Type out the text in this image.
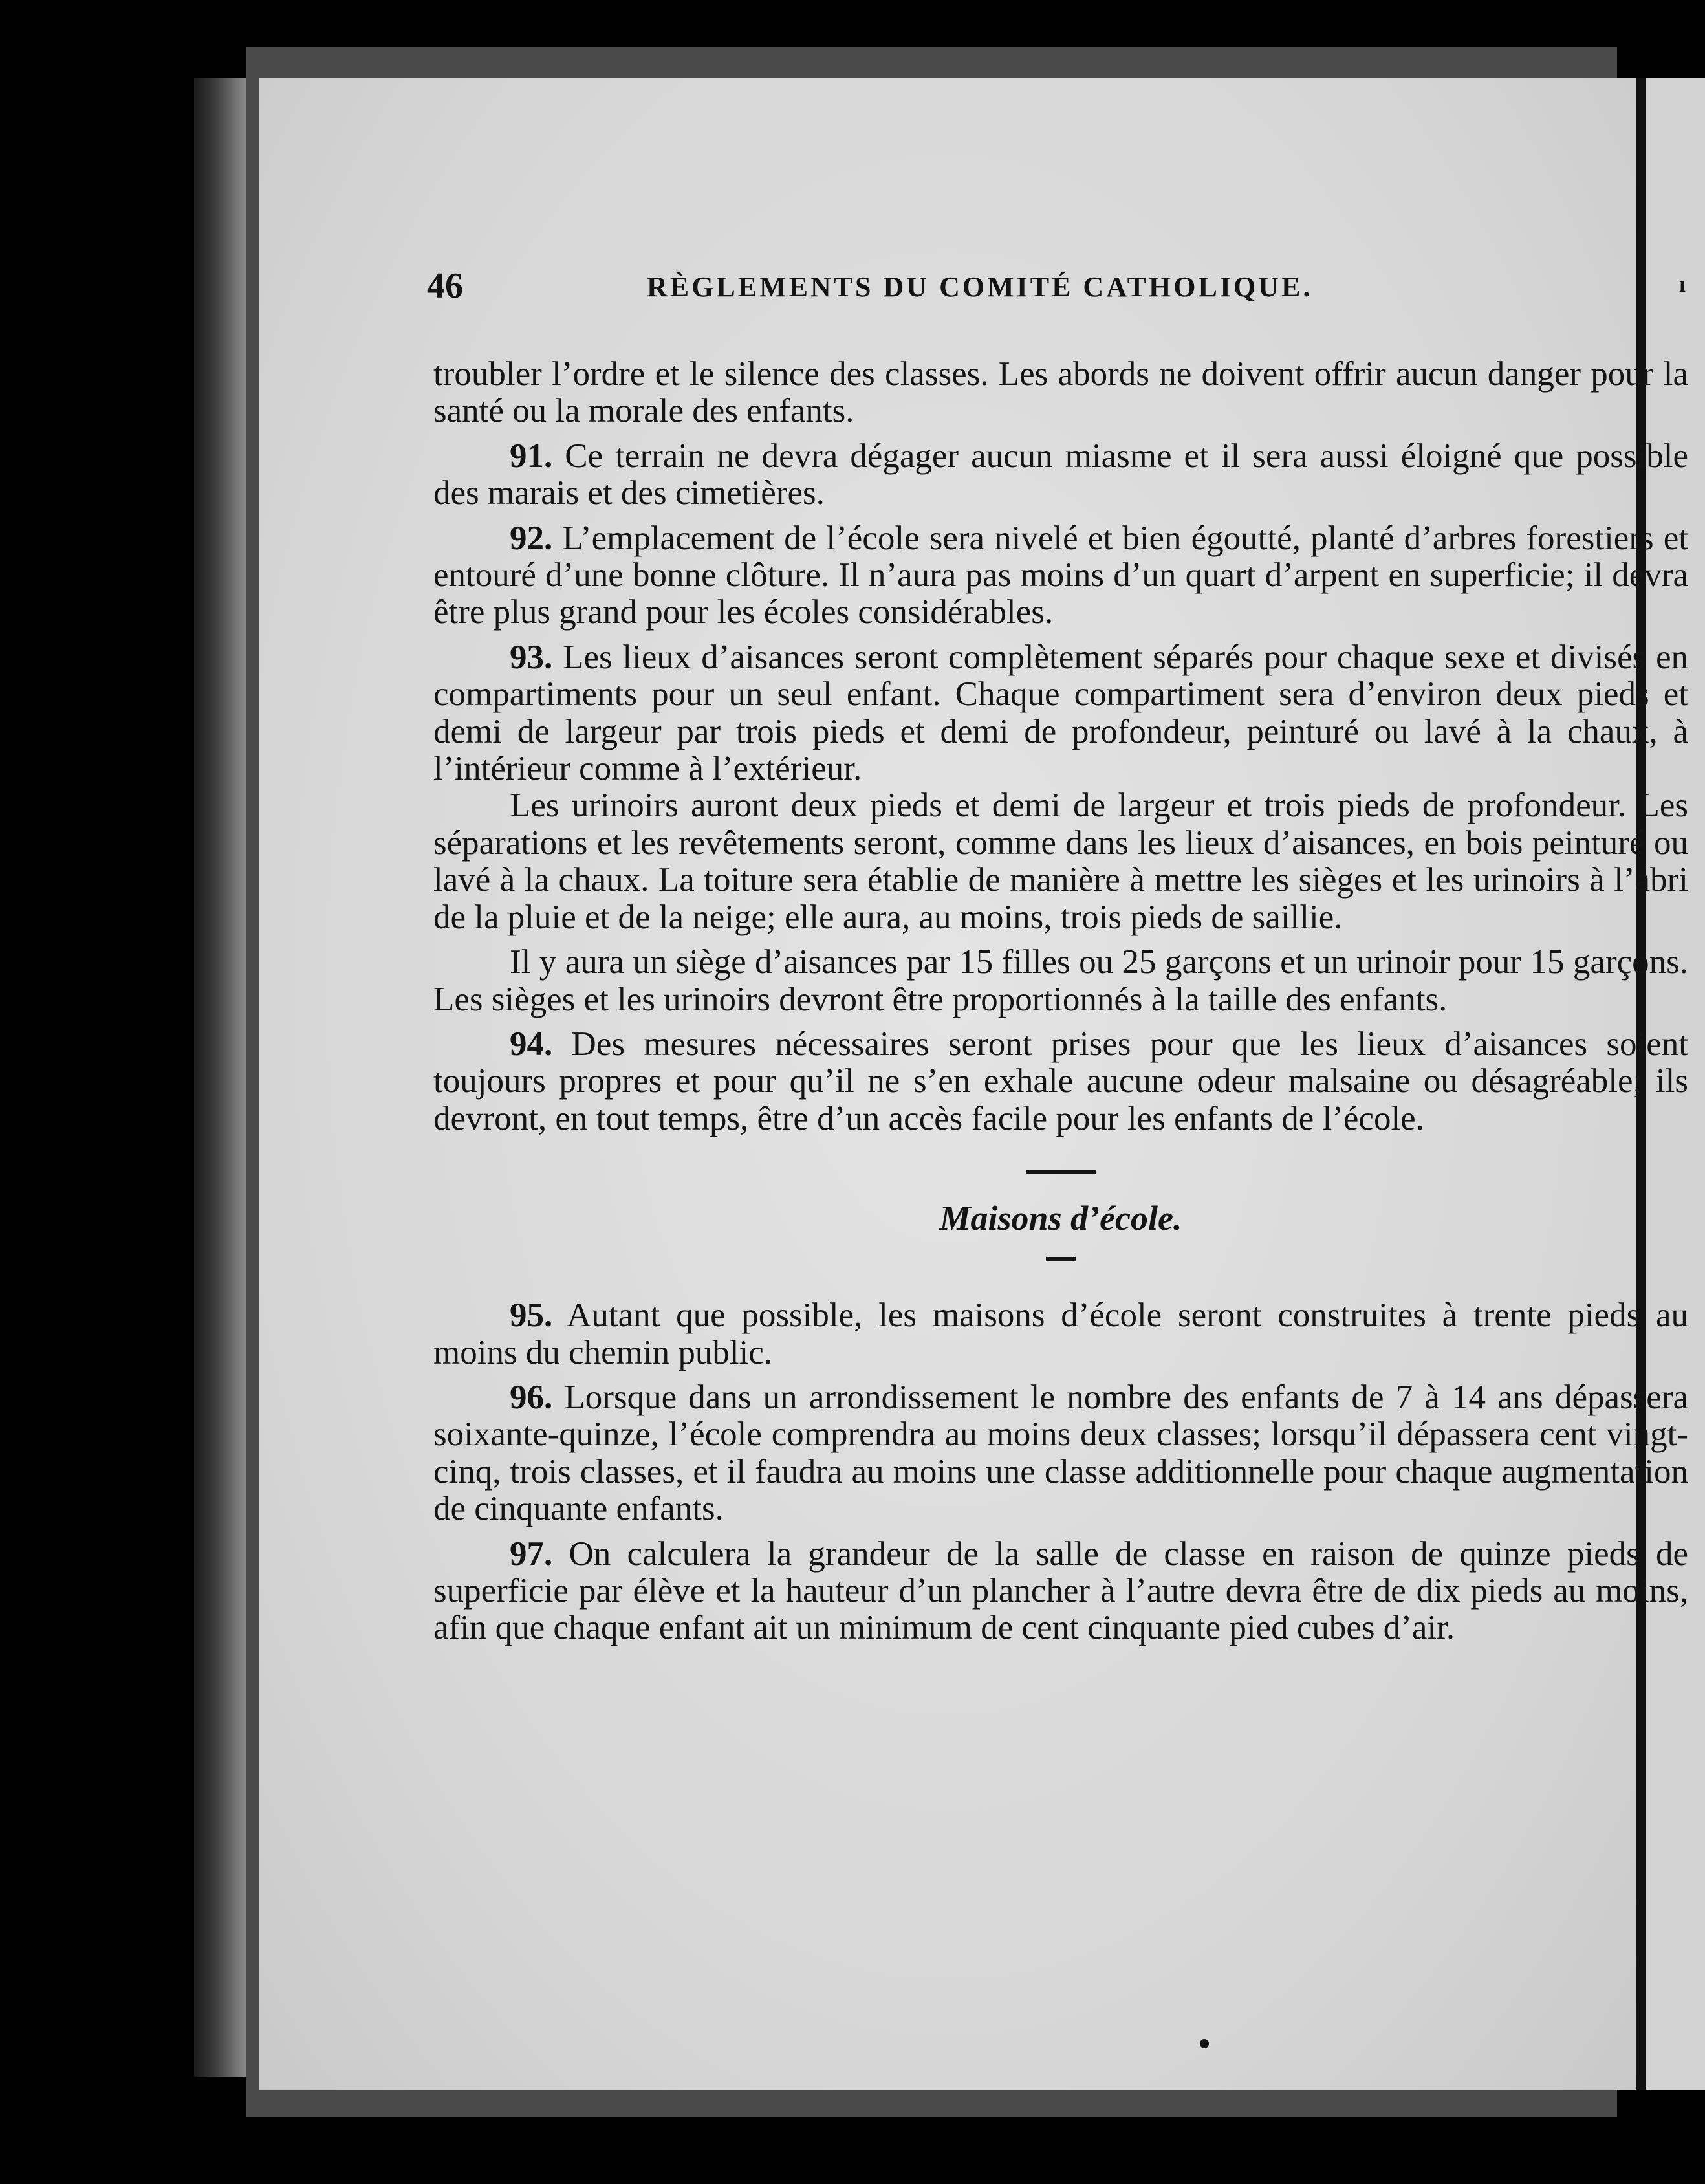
46	RÈGLEMENTS DU COMITÉ CATHOLIQUE.	ı

troubler l’ordre et le silence des classes. Les abords ne doivent offrir aucun danger pour la santé ou la morale des enfants.

91. Ce terrain ne devra dégager aucun miasme et il sera aussi éloigné que possible des marais et des cimetières.

92. L’emplacement de l’école sera nivelé et bien égoutté, planté d’arbres forestiers et entouré d’une bonne clôture. Il n’aura pas moins d’un quart d’arpent en superficie; il devra être plus grand pour les écoles considérables.

93. Les lieux d’aisances seront complètement séparés pour chaque sexe et divisés en compartiments pour un seul enfant. Chaque compartiment sera d’environ deux pieds et demi de largeur par trois pieds et demi de profondeur, peinturé ou lavé à la chaux, à l’intérieur comme à l’extérieur.

Les urinoirs auront deux pieds et demi de largeur et trois pieds de profondeur. Les séparations et les revêtements seront, comme dans les lieux d’aisances, en bois peinturé ou lavé à la chaux. La toiture sera établie de manière à mettre les sièges et les urinoirs à l’abri de la pluie et de la neige; elle aura, au moins, trois pieds de saillie.

Il y aura un siège d’aisances par 15 filles ou 25 garçons et un urinoir pour 15 garçons. Les sièges et les urinoirs devront être proportionnés à la taille des enfants.

94. Des mesures nécessaires seront prises pour que les lieux d’aisances soient toujours propres et pour qu’il ne s’en exhale aucune odeur malsaine ou désagréable; ils devront, en tout temps, être d’un accès facile pour les enfants de l’école.

Maisons d’école.

95. Autant que possible, les maisons d’école seront construites à trente pieds au moins du chemin public.

96. Lorsque dans un arrondissement le nombre des enfants de 7 à 14 ans dépassera soixante-quinze, l’école comprendra au moins deux classes; lorsqu’il dépassera cent vingt-cinq, trois classes, et il faudra au moins une classe additionnelle pour chaque augmentation de cinquante enfants.

97. On calculera la grandeur de la salle de classe en raison de quinze pieds de superficie par élève et la hauteur d’un plancher à l’autre devra être de dix pieds au moins, afin que chaque enfant ait un minimum de cent cinquante pied cubes d’air.
